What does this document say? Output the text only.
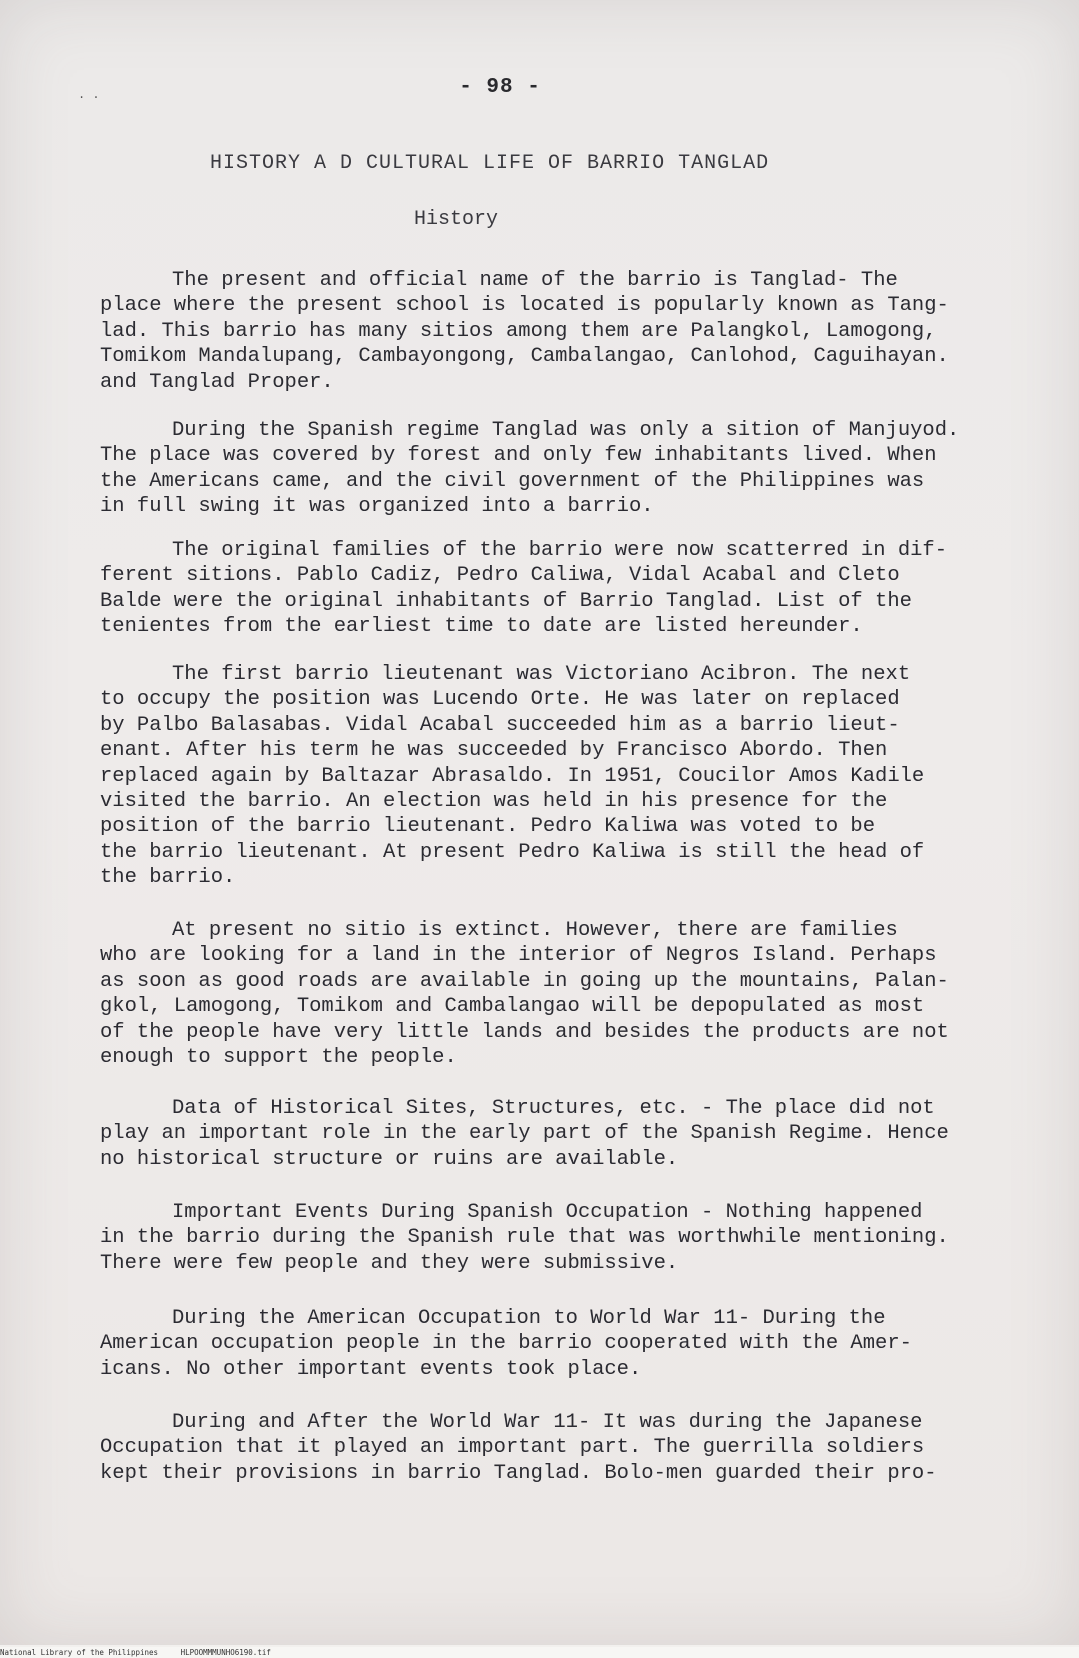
. .	- 98 -
HISTORY A D CULTURAL LIFE OF BARRIO TANGLAD
History
The present and official name of the barrio is Tanglad- The
place where the present school is located is popularly known as Tang-
lad. This barrio has many sitios among them are Palangkol, Lamogong,
Tomikom Mandalupang, Cambayongong, Cambalangao, Canlohod, Caguihayan.
and Tanglad Proper.
During the Spanish regime Tanglad was only a sition of Manjuyod.
The place was covered by forest and only few inhabitants lived. When
the Americans came, and the civil government of the Philippines was
in full swing it was organized into a barrio.
The original families of the barrio were now scatterred in dif-
ferent sitions. Pablo Cadiz, Pedro Caliwa, Vidal Acabal and Cleto
Balde were the original inhabitants of Barrio Tanglad. List of the
tenientes from the earliest time to date are listed hereunder.
The first barrio lieutenant was Victoriano Acibron. The next
to occupy the position was Lucendo Orte. He was later on replaced
by Palbo Balasabas. Vidal Acabal succeeded him as a barrio lieut-
enant. After his term he was succeeded by Francisco Abordo. Then
replaced again by Baltazar Abrasaldo. In 1951, Coucilor Amos Kadile
visited the barrio. An election was held in his presence for the
position of the barrio lieutenant. Pedro Kaliwa was voted to be
the barrio lieutenant. At present Pedro Kaliwa is still the head of
the barrio.
At present no sitio is extinct. However, there are families
who are looking for a land in the interior of Negros Island. Perhaps
as soon as good roads are available in going up the mountains, Palan-
gkol, Lamogong, Tomikom and Cambalangao will be depopulated as most
of the people have very little lands and besides the products are not
enough to support the people.
Data of Historical Sites, Structures, etc. - The place did not
play an important role in the early part of the Spanish Regime. Hence
no historical structure or ruins are available.
Important Events During Spanish Occupation - Nothing happened
in the barrio during the Spanish rule that was worthwhile mentioning.
There were few people and they were submissive.
During the American Occupation to World War 11- During the
American occupation people in the barrio cooperated with the Amer-
icans. No other important events took place.
During and After the World War 11- It was during the Japanese
Occupation that it played an important part. The guerrilla soldiers
kept their provisions in barrio Tanglad. Bolo-men guarded their pro-
National Library of the Philippines	HLPOOMMMUNHO6190.tif
